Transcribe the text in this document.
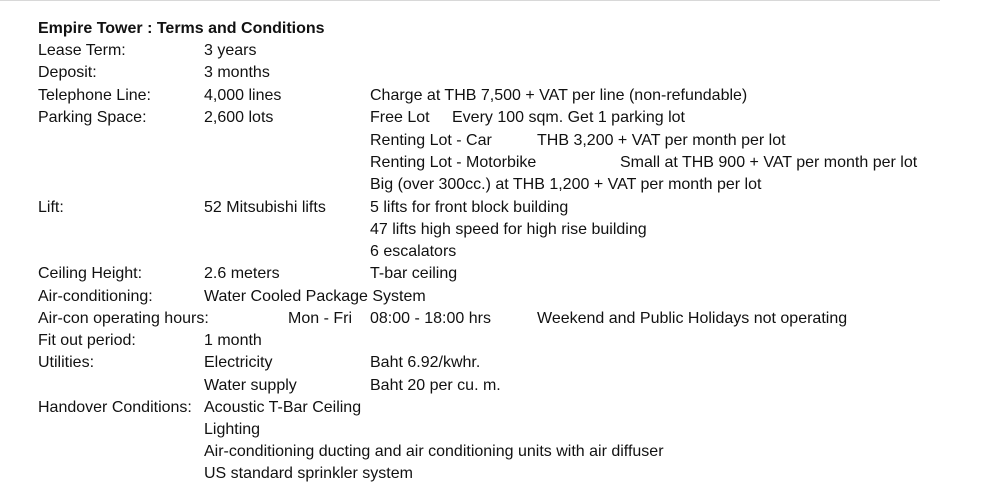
Empire Tower : Terms and Conditions
Lease Term:	3 years
Deposit:	3 months
Telephone Line:	4,000 lines	Charge at THB 7,500 + VAT per line (non-refundable)
Parking Space:	2,600 lots	Free Lot Every 100 sqm. Get 1 parking lot
Renting Lot - Car	THB 3,200 + VAT per month per lot
Renting Lot - Motorbike	Small at THB 900 + VAT per month per lot
Big (over 300cc.) at THB 1,200 + VAT per month per lot
Lift:	52 Mitsubishi lifts	5 lifts for front block building
47 lifts high speed for high rise building
6 escalators
Ceiling Height:	2.6 meters	T-bar ceiling
Air-conditioning:	Water Cooled Package System
Air-con operating hours:	Mon - Fri 08:00 - 18:00 hrs	Weekend and Public Holidays not operating
Fit out period:	1 month
Utilities:	Electricity	Baht 6.92/kwhr.
Water supply	Baht 20 per cu. m.
Handover Conditions: Acoustic T-Bar Ceiling
Lighting
Air-conditioning ducting and air conditioning units with air diffuser
US standard sprinkler system
